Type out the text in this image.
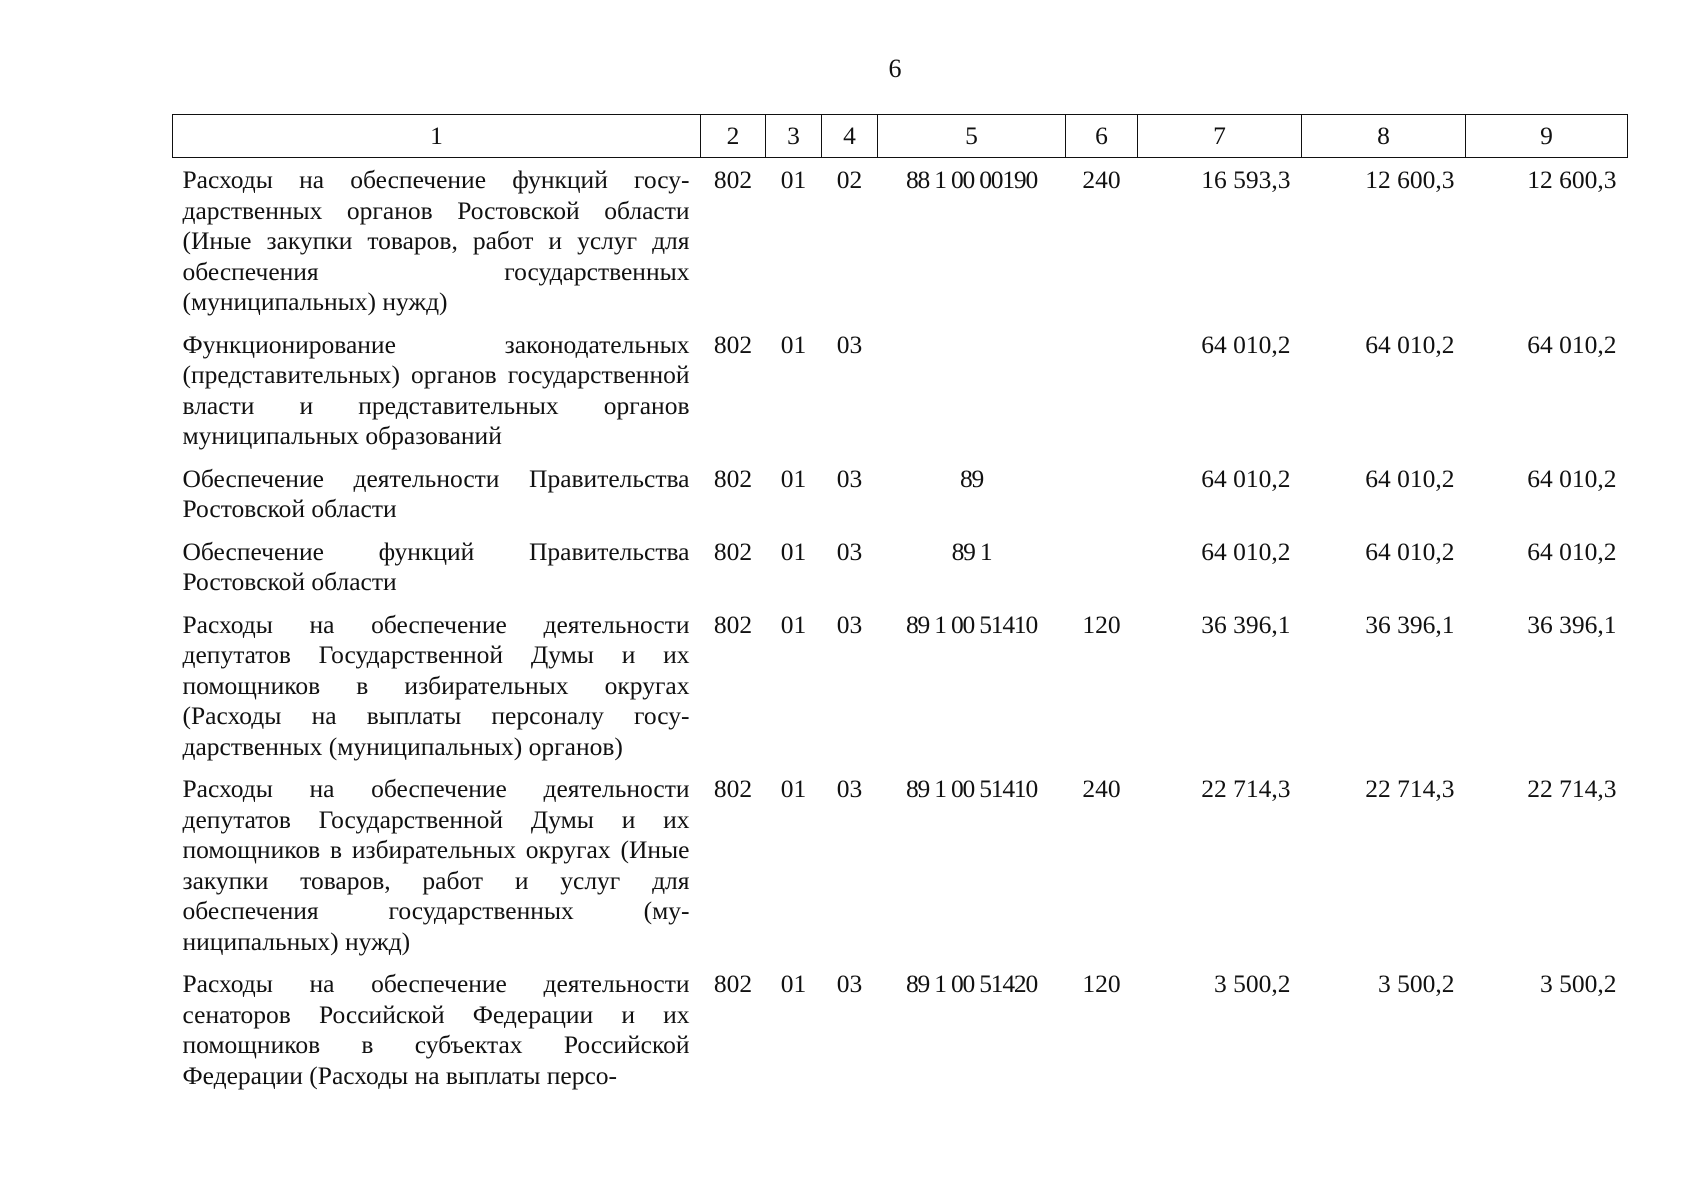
6
1	2	3	4	5	6	7	8	9
Расходы на обеспечение функций государственных органов Ростовской области (Иные закупки товаров, работ и услуг для обеспечения государственных (муниципальных) нужд)	802	01	02	88 1 00 00190	240	16 593,3	12 600,3	12 600,3
Функционирование законодательных (представительных) органов государственной власти и представительных органов муниципальных образований	802	01	03			64 010,2	64 010,2	64 010,2
Обеспечение деятельности Правительства Ростовской области	802	01	03	89		64 010,2	64 010,2	64 010,2
Обеспечение функций Правительства Ростовской области	802	01	03	89 1		64 010,2	64 010,2	64 010,2
Расходы на обеспечение деятельности депутатов Государственной Думы и их помощников в избирательных округах (Расходы на выплаты персоналу государственных (муниципальных) органов)	802	01	03	89 1 00 51410	120	36 396,1	36 396,1	36 396,1
Расходы на обеспечение деятельности депутатов Государственной Думы и их помощников в избирательных округах (Иные закупки товаров, работ и услуг для обеспечения государственных (муниципальных) нужд)	802	01	03	89 1 00 51410	240	22 714,3	22 714,3	22 714,3
Расходы на обеспечение деятельности сенаторов Российской Федерации и их помощников в субъектах Российской Федерации (Расходы на выплаты персо-	802	01	03	89 1 00 51420	120	3 500,2	3 500,2	3 500,2
